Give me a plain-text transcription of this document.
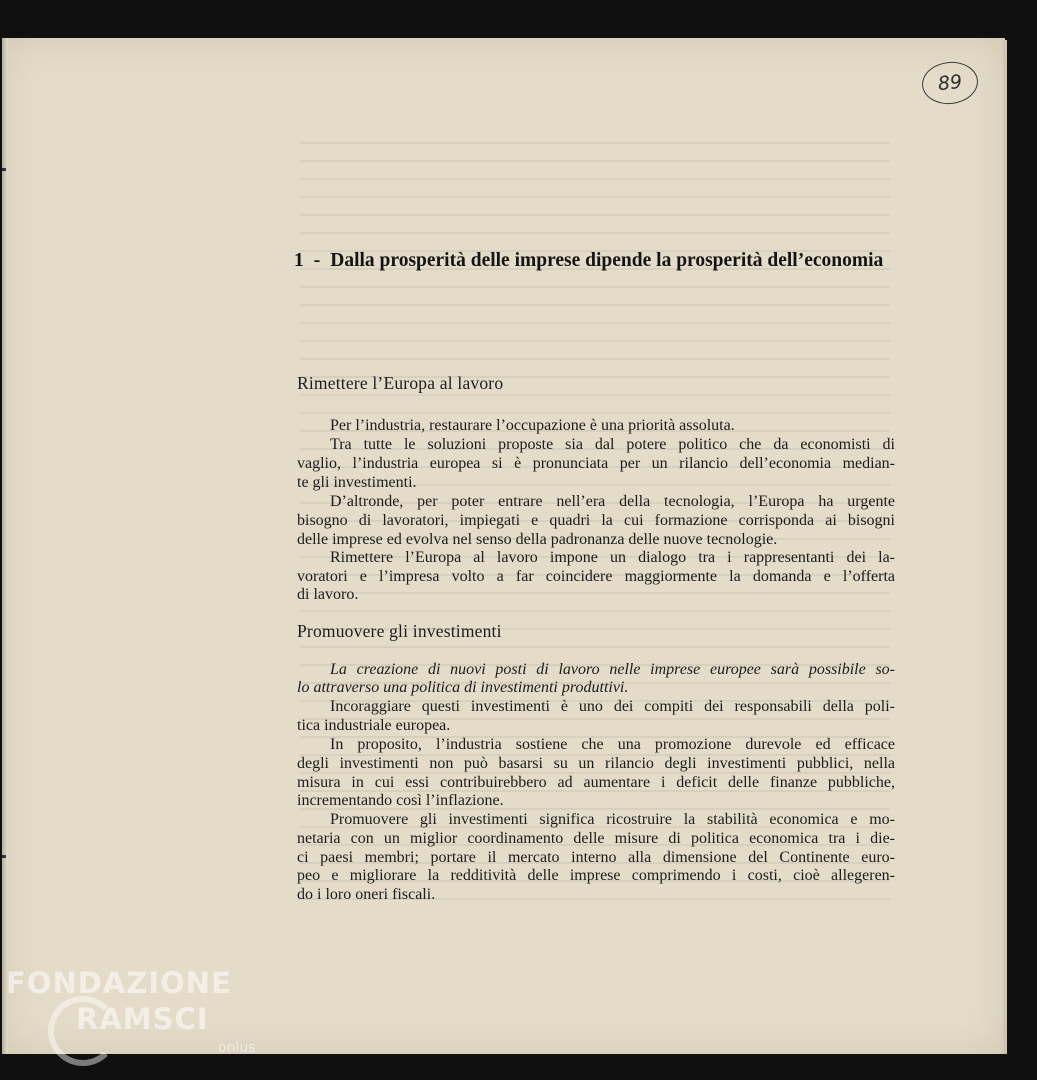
89
1 - Dalla prosperità delle imprese dipende la prosperità dell’economia
Rimettere l’Europa al lavoro
Per l’industria, restaurare l’occupazione è una priorità assoluta.
Tra tutte le soluzioni proposte sia dal potere politico che da economisti di
vaglio, l’industria europea si è pronunciata per un rilancio dell’economia median-
te gli investimenti.
D’altronde, per poter entrare nell’era della tecnologia, l’Europa ha urgente
bisogno di lavoratori, impiegati e quadri la cui formazione corrisponda ai bisogni
delle imprese ed evolva nel senso della padronanza delle nuove tecnologie.
Rimettere l’Europa al lavoro impone un dialogo tra i rappresentanti dei la-
voratori e l’impresa volto a far coincidere maggiormente la domanda e l’offerta
di lavoro.
Promuovere gli investimenti
La creazione di nuovi posti di lavoro nelle imprese europee sarà possibile so-
lo attraverso una politica di investimenti produttivi.
Incoraggiare questi investimenti è uno dei compiti dei responsabili della poli-
tica industriale europea.
In proposito, l’industria sostiene che una promozione durevole ed efficace
degli investimenti non può basarsi su un rilancio degli investimenti pubblici, nella
misura in cui essi contribuirebbero ad aumentare i deficit delle finanze pubbliche,
incrementando così l’inflazione.
Promuovere gli investimenti significa ricostruire la stabilità economica e mo-
netaria con un miglior coordinamento delle misure di politica economica tra i die-
ci paesi membri; portare il mercato interno alla dimensione del Continente euro-
peo e migliorare la redditività delle imprese comprimendo i costi, cioè allegeren-
do i loro oneri fiscali.
FONDAZIONE
RAMSCI
onlus
